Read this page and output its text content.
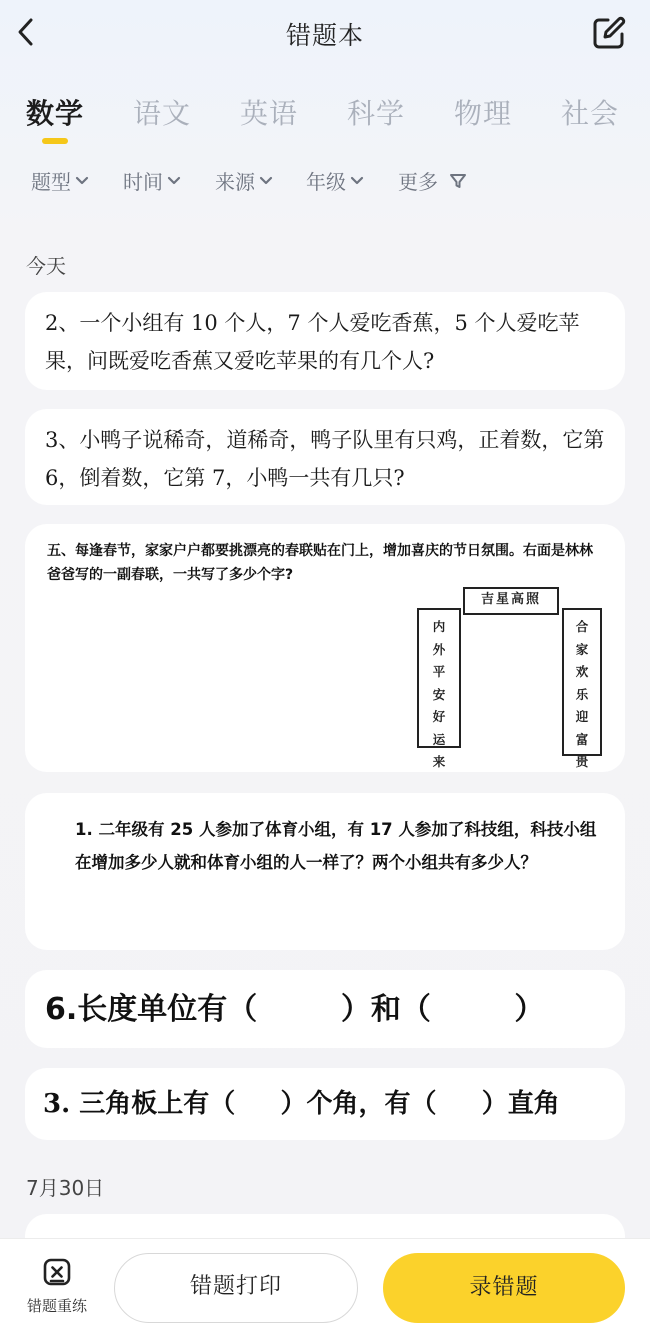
错题本
数学 语文 英语 科学 物理 社会
题型	时间	来源	年级	更多
今天
2、一个小组有 10 个人，7 个人爱吃香蕉，5 个人爱吃苹果，问既爱吃香蕉又爱吃苹果的有几个人?
3、小鸭子说稀奇，道稀奇，鸭子队里有只鸡，正着数，它第 6，倒着数，它第 7，小鸭一共有几只?
五、每逢春节，家家户户都要挑漂亮的春联贴在门上，增加喜庆的节日氛围。右面是林林爸爸写的一副春联，一共写了多少个字?
吉星高照
内
外
平
安
好
运
来
合
家
欢
乐
迎
富
贵
1. 二年级有 25 人参加了体育小组，有 17 人参加了科技组，科技小组在增加多少人就和体育小组的人一样了？两个小组共有多少人？
6.长度单位有（        ）和（        ）
3. 三角板上有（     ）个角，有（     ）直角
7月30日
错题重练
错题打印	录错题
